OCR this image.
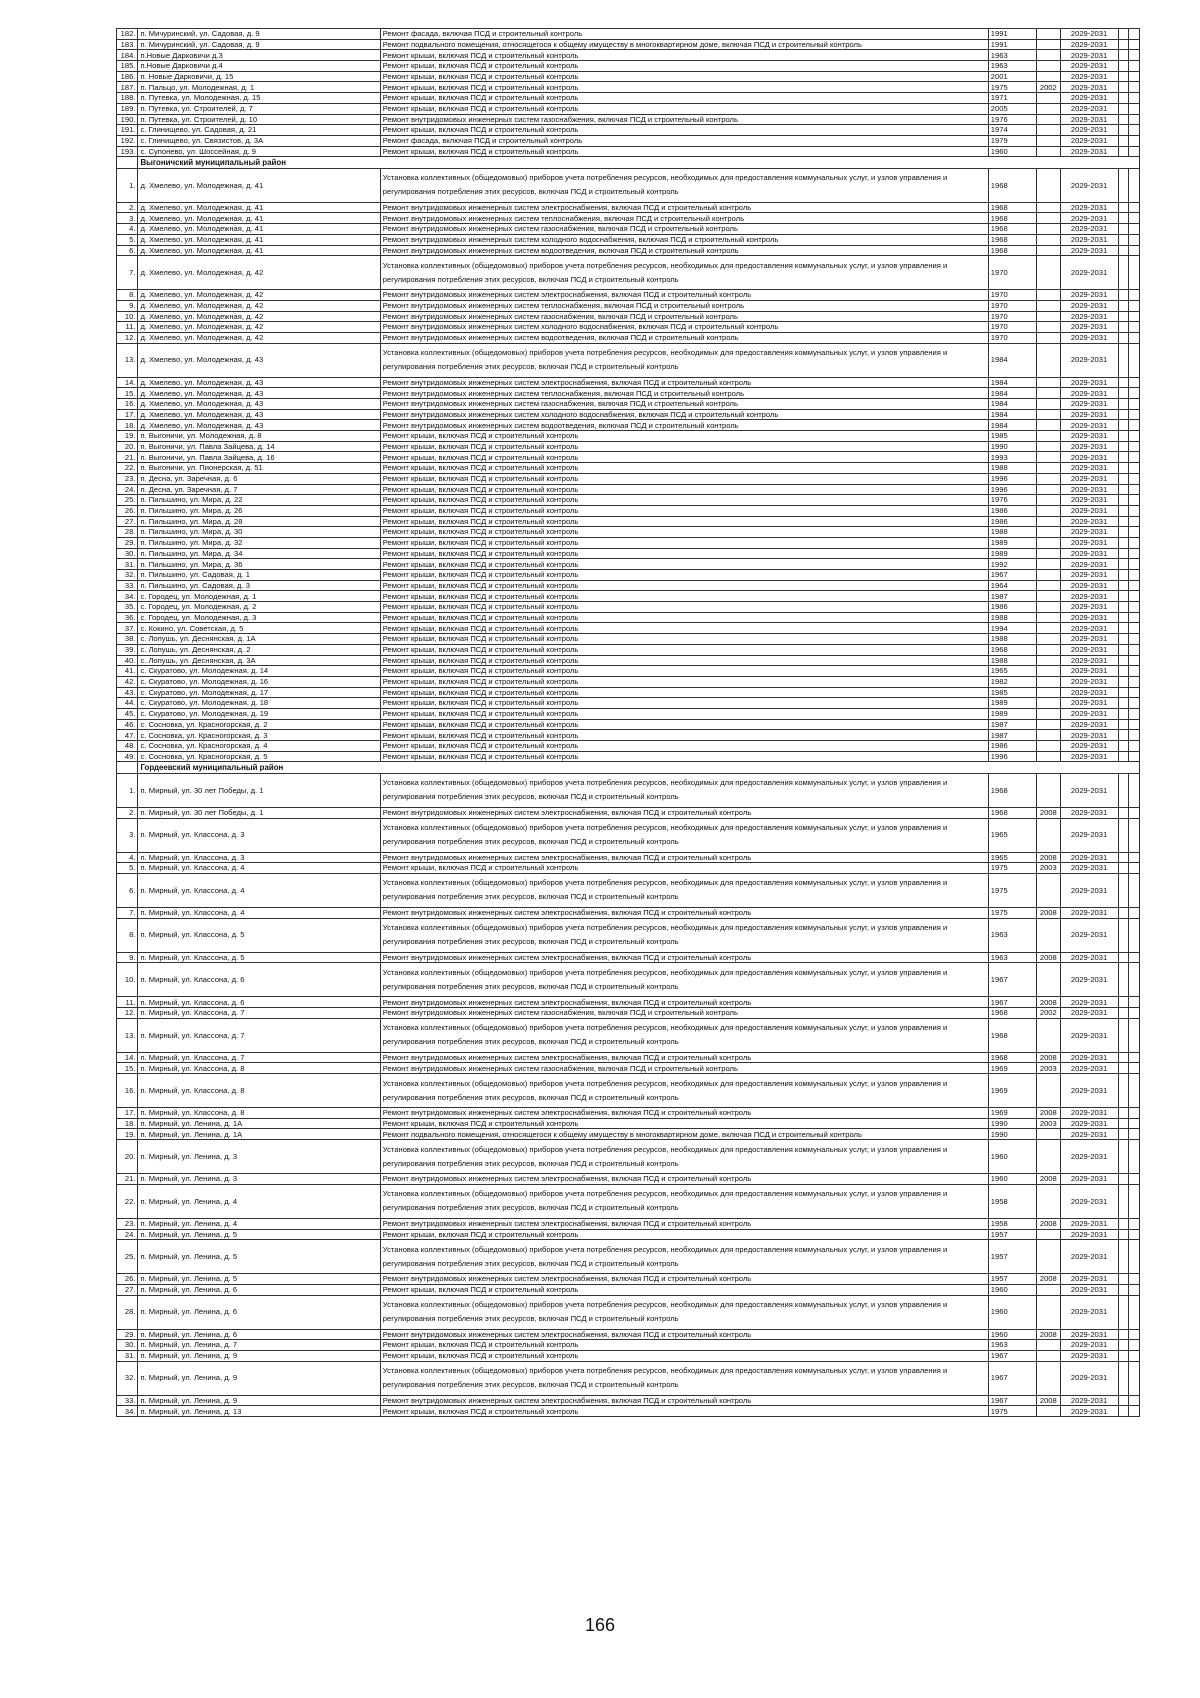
182.	п. Мичуринский, ул. Садовая, д. 9	Ремонт фасада, включая ПСД и строительный контроль	1991		2029-2031		
183.	п. Мичуринский, ул. Садовая, д. 9	Ремонт подвального помещения, относящегося к общему имуществу в многоквартирном доме, включая ПСД и строительный контроль	1991		2029-2031		
184.	п.Новые Дарковичи д.3	Ремонт крыши, включая ПСД и строительный контроль	1963		2029-2031		
185.	п.Новые Дарковичи д.4	Ремонт крыши, включая ПСД и строительный контроль	1963		2029-2031		
186.	п. Новые Дарковичи, д. 15	Ремонт крыши, включая ПСД и строительный контроль	2001		2029-2031		
187.	п. Пальцо, ул. Молодежная, д. 1	Ремонт крыши, включая ПСД и строительный контроль	1975	2002	2029-2031		
188.	п. Путевка, ул. Молодежная, д. 15	Ремонт крыши, включая ПСД и строительный контроль	1971		2029-2031		
189.	п. Путевка, ул. Строителей, д. 7	Ремонт крыши, включая ПСД и строительный контроль	2005		2029-2031		
190.	п. Путевка, ул. Строителей, д. 10	Ремонт внутридомовых инженерных систем газоснабжения, включая ПСД и строительный контроль	1976		2029-2031		
191.	с. Глинищево, ул. Садовая, д. 21	Ремонт крыши, включая ПСД и строительный контроль	1974		2029-2031		
192.	с. Глинищево, ул. Связистов, д. 3А	Ремонт фасада, включая ПСД и строительный контроль	1979		2029-2031		
193.	с. Супонево, ул. Шоссейная, д. 9	Ремонт крыши, включая ПСД и строительный контроль	1960		2029-2031		
	Выгоничский муниципальный район						
1.	д. Хмелево, ул. Молодежная, д. 41	Установка коллективных (общедомовых) приборов учета потребления ресурсов, необходимых для предоставления коммунальных услуг, и узлов управления и регулирования потребления этих ресурсов, включая ПСД и строительный контроль	1968		2029-2031		
2.	д. Хмелево, ул. Молодежная, д. 41	Ремонт внутридомовых инженерных систем электроснабжения, включая ПСД и строительный контроль	1968		2029-2031		
3.	д. Хмелево, ул. Молодежная, д. 41	Ремонт внутридомовых инженерных систем теплоснабжения, включая ПСД и строительный контроль	1968		2029-2031		
4.	д. Хмелево, ул. Молодежная, д. 41	Ремонт внутридомовых инженерных систем газоснабжения, включая ПСД и строительный контроль	1968		2029-2031		
5.	д. Хмелево, ул. Молодежная, д. 41	Ремонт внутридомовых инженерных систем холодного водоснабжения, включая ПСД и строительный контроль	1968		2029-2031		
6.	д. Хмелево, ул. Молодежная, д. 41	Ремонт внутридомовых инженерных систем водоотведения, включая ПСД и строительный контроль	1968		2029-2031		
7.	д. Хмелево, ул. Молодежная, д. 42	Установка коллективных (общедомовых) приборов учета потребления ресурсов, необходимых для предоставления коммунальных услуг, и узлов управления и регулирования потребления этих ресурсов, включая ПСД и строительный контроль	1970		2029-2031		
8.	д. Хмелево, ул. Молодежная, д. 42	Ремонт внутридомовых инженерных систем электроснабжения, включая ПСД и строительный контроль	1970		2029-2031		
9.	д. Хмелево, ул. Молодежная, д. 42	Ремонт внутридомовых инженерных систем теплоснабжения, включая ПСД и строительный контроль	1970		2029-2031		
10.	д. Хмелево, ул. Молодежная, д. 42	Ремонт внутридомовых инженерных систем газоснабжения, включая ПСД и строительный контроль	1970		2029-2031		
11.	д. Хмелево, ул. Молодежная, д. 42	Ремонт внутридомовых инженерных систем холодного водоснабжения, включая ПСД и строительный контроль	1970		2029-2031		
12.	д. Хмелево, ул. Молодежная, д. 42	Ремонт внутридомовых инженерных систем водоотведения, включая ПСД и строительный контроль	1970		2029-2031		
13.	д. Хмелево, ул. Молодежная, д. 43	Установка коллективных (общедомовых) приборов учета потребления ресурсов, необходимых для предоставления коммунальных услуг, и узлов управления и регулирования потребления этих ресурсов, включая ПСД и строительный контроль	1984		2029-2031		
14.	д. Хмелево, ул. Молодежная, д. 43	Ремонт внутридомовых инженерных систем электроснабжения, включая ПСД и строительный контроль	1984		2029-2031		
15.	д. Хмелево, ул. Молодежная, д. 43	Ремонт внутридомовых инженерных систем теплоснабжения, включая ПСД и строительный контроль	1984		2029-2031		
16.	д. Хмелево, ул. Молодежная, д. 43	Ремонт внутридомовых инженерных систем газоснабжения, включая ПСД и строительный контроль	1984		2029-2031		
17.	д. Хмелево, ул. Молодежная, д. 43	Ремонт внутридомовых инженерных систем холодного водоснабжения, включая ПСД и строительный контроль	1984		2029-2031		
18.	д. Хмелево, ул. Молодежная, д. 43	Ремонт внутридомовых инженерных систем водоотведения, включая ПСД и строительный контроль	1984		2029-2031		
19.	п. Выгоничи, ул. Молодежная, д. 8	Ремонт крыши, включая ПСД и строительный контроль	1985		2029-2031		
20.	п. Выгоничи, ул. Павла Зайцева, д. 14	Ремонт крыши, включая ПСД и строительный контроль	1990		2029-2031		
21.	п. Выгоничи, ул. Павла Зайцева, д. 16	Ремонт крыши, включая ПСД и строительный контроль	1993		2029-2031		
22.	п. Выгоничи, ул. Пионерская, д. 51	Ремонт крыши, включая ПСД и строительный контроль	1988		2029-2031		
23.	п. Десна, ул. Заречная, д. 6	Ремонт крыши, включая ПСД и строительный контроль	1996		2029-2031		
24.	п. Десна, ул. Заречная, д. 7	Ремонт крыши, включая ПСД и строительный контроль	1996		2029-2031		
25.	п. Пильшино, ул. Мира, д. 22	Ремонт крыши, включая ПСД и строительный контроль	1976		2029-2031		
26.	п. Пильшино, ул. Мира, д. 26	Ремонт крыши, включая ПСД и строительный контроль	1986		2029-2031		
27.	п. Пильшино, ул. Мира, д. 28	Ремонт крыши, включая ПСД и строительный контроль	1986		2029-2031		
28.	п. Пильшино, ул. Мира, д. 30	Ремонт крыши, включая ПСД и строительный контроль	1988		2029-2031		
29.	п. Пильшино, ул. Мира, д. 32	Ремонт крыши, включая ПСД и строительный контроль	1989		2029-2031		
30.	п. Пильшино, ул. Мира, д. 34	Ремонт крыши, включая ПСД и строительный контроль	1989		2029-2031		
31.	п. Пильшино, ул. Мира, д. 36	Ремонт крыши, включая ПСД и строительный контроль	1992		2029-2031		
32.	п. Пильшино, ул. Садовая, д. 1	Ремонт крыши, включая ПСД и строительный контроль	1967		2029-2031		
33.	п. Пильшино, ул. Садовая, д. 3	Ремонт крыши, включая ПСД и строительный контроль	1964		2029-2031		
34.	с. Городец, ул. Молодежная, д. 1	Ремонт крыши, включая ПСД и строительный контроль	1987		2029-2031		
35.	с. Городец, ул. Молодежная, д. 2	Ремонт крыши, включая ПСД и строительный контроль	1986		2029-2031		
36.	с. Городец, ул. Молодежная, д. 3	Ремонт крыши, включая ПСД и строительный контроль	1988		2029-2031		
37.	с. Кокино, ул. Советская, д. 5	Ремонт крыши, включая ПСД и строительный контроль	1994		2029-2031		
38.	с. Лопушь, ул. Деснянская, д. 1А	Ремонт крыши, включая ПСД и строительный контроль	1988		2029-2031		
39.	с. Лопушь, ул. Деснянская, д. 2	Ремонт крыши, включая ПСД и строительный контроль	1968		2029-2031		
40.	с. Лопушь, ул. Деснянская, д. 3А	Ремонт крыши, включая ПСД и строительный контроль	1988		2029-2031		
41.	с. Скуратово, ул. Молодежная, д. 14	Ремонт крыши, включая ПСД и строительный контроль	1965		2029-2031		
42.	с. Скуратово, ул. Молодежная, д. 16	Ремонт крыши, включая ПСД и строительный контроль	1982		2029-2031		
43.	с. Скуратово, ул. Молодежная, д. 17	Ремонт крыши, включая ПСД и строительный контроль	1985		2029-2031		
44.	с. Скуратово, ул. Молодежная, д. 18	Ремонт крыши, включая ПСД и строительный контроль	1989		2029-2031		
45.	с. Скуратово, ул. Молодежная, д. 19	Ремонт крыши, включая ПСД и строительный контроль	1989		2029-2031		
46.	с. Сосновка, ул. Красногорская, д. 2	Ремонт крыши, включая ПСД и строительный контроль	1987		2029-2031		
47.	с. Сосновка, ул. Красногорская, д. 3	Ремонт крыши, включая ПСД и строительный контроль	1987		2029-2031		
48.	с. Сосновка, ул. Красногорская, д. 4	Ремонт крыши, включая ПСД и строительный контроль	1986		2029-2031		
49.	с. Сосновка, ул. Красногорская, д. 5	Ремонт крыши, включая ПСД и строительный контроль	1996		2029-2031		
	Гордеевский муниципальный район						
1.	п. Мирный, ул. 30 лет Победы, д. 1	Установка коллективных (общедомовых) приборов учета потребления ресурсов, необходимых для предоставления коммунальных услуг, и узлов управления и регулирования потребления этих ресурсов, включая ПСД и строительный контроль	1968		2029-2031		
2.	п. Мирный, ул. 30 лет Победы, д. 1	Ремонт внутридомовых инженерных систем электроснабжения, включая ПСД и строительный контроль	1968	2008	2029-2031		
3.	п. Мирный, ул. Классона, д. 3	Установка коллективных (общедомовых) приборов учета потребления ресурсов, необходимых для предоставления коммунальных услуг, и узлов управления и регулирования потребления этих ресурсов, включая ПСД и строительный контроль	1965		2029-2031		
4.	п. Мирный, ул. Классона, д. 3	Ремонт внутридомовых инженерных систем электроснабжения, включая ПСД и строительный контроль	1965	2008	2029-2031		
5.	п. Мирный, ул. Классона, д. 4	Ремонт крыши, включая ПСД и строительный контроль	1975	2003	2029-2031		
6.	п. Мирный, ул. Классона, д. 4	Установка коллективных (общедомовых) приборов учета потребления ресурсов, необходимых для предоставления коммунальных услуг, и узлов управления и регулирования потребления этих ресурсов, включая ПСД и строительный контроль	1975		2029-2031		
7.	п. Мирный, ул. Классона, д. 4	Ремонт внутридомовых инженерных систем электроснабжения, включая ПСД и строительный контроль	1975	2008	2029-2031		
8.	п. Мирный, ул. Классона, д. 5	Установка коллективных (общедомовых) приборов учета потребления ресурсов, необходимых для предоставления коммунальных услуг, и узлов управления и регулирования потребления этих ресурсов, включая ПСД и строительный контроль	1963		2029-2031		
9.	п. Мирный, ул. Классона, д. 5	Ремонт внутридомовых инженерных систем электроснабжения, включая ПСД и строительный контроль	1963	2008	2029-2031		
10.	п. Мирный, ул. Классона, д. 6	Установка коллективных (общедомовых) приборов учета потребления ресурсов, необходимых для предоставления коммунальных услуг, и узлов управления и регулирования потребления этих ресурсов, включая ПСД и строительный контроль	1967		2029-2031		
11.	п. Мирный, ул. Классона, д. 6	Ремонт внутридомовых инженерных систем электроснабжения, включая ПСД и строительный контроль	1967	2008	2029-2031		
12.	п. Мирный, ул. Классона, д. 7	Ремонт внутридомовых инженерных систем газоснабжения, включая ПСД и строительный контроль	1968	2002	2029-2031		
13.	п. Мирный, ул. Классона, д. 7	Установка коллективных (общедомовых) приборов учета потребления ресурсов, необходимых для предоставления коммунальных услуг, и узлов управления и регулирования потребления этих ресурсов, включая ПСД и строительный контроль	1968		2029-2031		
14.	п. Мирный, ул. Классона, д. 7	Ремонт внутридомовых инженерных систем электроснабжения, включая ПСД и строительный контроль	1968	2008	2029-2031		
15.	п. Мирный, ул. Классона, д. 8	Ремонт внутридомовых инженерных систем газоснабжения, включая ПСД и строительный контроль	1969	2003	2029-2031		
16.	п. Мирный, ул. Классона, д. 8	Установка коллективных (общедомовых) приборов учета потребления ресурсов, необходимых для предоставления коммунальных услуг, и узлов управления и регулирования потребления этих ресурсов, включая ПСД и строительный контроль	1969		2029-2031		
17.	п. Мирный, ул. Классона, д. 8	Ремонт внутридомовых инженерных систем электроснабжения, включая ПСД и строительный контроль	1969	2008	2029-2031		
18.	п. Мирный, ул. Ленина, д. 1А	Ремонт крыши, включая ПСД и строительный контроль	1990	2003	2029-2031		
19.	п. Мирный, ул. Ленина, д. 1А	Ремонт подвального помещения, относящегося к общему имуществу в многоквартирном доме, включая ПСД и строительный контроль	1990		2029-2031		
20.	п. Мирный, ул. Ленина, д. 3	Установка коллективных (общедомовых) приборов учета потребления ресурсов, необходимых для предоставления коммунальных услуг, и узлов управления и регулирования потребления этих ресурсов, включая ПСД и строительный контроль	1960		2029-2031		
21.	п. Мирный, ул. Ленина, д. 3	Ремонт внутридомовых инженерных систем электроснабжения, включая ПСД и строительный контроль	1960	2008	2029-2031		
22.	п. Мирный, ул. Ленина, д. 4	Установка коллективных (общедомовых) приборов учета потребления ресурсов, необходимых для предоставления коммунальных услуг, и узлов управления и регулирования потребления этих ресурсов, включая ПСД и строительный контроль	1958		2029-2031		
23.	п. Мирный, ул. Ленина, д. 4	Ремонт внутридомовых инженерных систем электроснабжения, включая ПСД и строительный контроль	1958	2008	2029-2031		
24.	п. Мирный, ул. Ленина, д. 5	Ремонт крыши, включая ПСД и строительный контроль	1957		2029-2031		
25.	п. Мирный, ул. Ленина, д. 5	Установка коллективных (общедомовых) приборов учета потребления ресурсов, необходимых для предоставления коммунальных услуг, и узлов управления и регулирования потребления этих ресурсов, включая ПСД и строительный контроль	1957		2029-2031		
26.	п. Мирный, ул. Ленина, д. 5	Ремонт внутридомовых инженерных систем электроснабжения, включая ПСД и строительный контроль	1957	2008	2029-2031		
27.	п. Мирный, ул. Ленина, д. 6	Ремонт крыши, включая ПСД и строительный контроль	1960		2029-2031		
28.	п. Мирный, ул. Ленина, д. 6	Установка коллективных (общедомовых) приборов учета потребления ресурсов, необходимых для предоставления коммунальных услуг, и узлов управления и регулирования потребления этих ресурсов, включая ПСД и строительный контроль	1960		2029-2031		
29.	п. Мирный, ул. Ленина, д. 6	Ремонт внутридомовых инженерных систем электроснабжения, включая ПСД и строительный контроль	1960	2008	2029-2031		
30.	п. Мирный, ул. Ленина, д. 7	Ремонт крыши, включая ПСД и строительный контроль	1963		2029-2031		
31.	п. Мирный, ул. Ленина, д. 9	Ремонт крыши, включая ПСД и строительный контроль	1967		2029-2031		
32.	п. Мирный, ул. Ленина, д. 9	Установка коллективных (общедомовых) приборов учета потребления ресурсов, необходимых для предоставления коммунальных услуг, и узлов управления и регулирования потребления этих ресурсов, включая ПСД и строительный контроль	1967		2029-2031		
33.	п. Мирный, ул. Ленина, д. 9	Ремонт внутридомовых инженерных систем электроснабжения, включая ПСД и строительный контроль	1967	2008	2029-2031		
34.	п. Мирный, ул. Ленина, д. 13	Ремонт крыши, включая ПСД и строительный контроль	1975		2029-2031		
166
